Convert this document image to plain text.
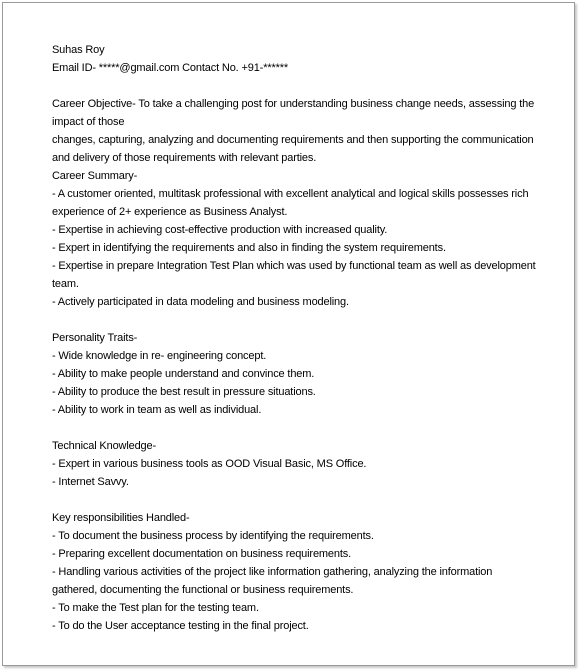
Suhas Roy
Email ID- *****@gmail.com Contact No. +91-******
Career Objective- To take a challenging post for understanding business change needs, assessing the
impact of those
changes, capturing, analyzing and documenting requirements and then supporting the communication
and delivery of those requirements with relevant parties.
Career Summary-
- A customer oriented, multitask professional with excellent analytical and logical skills possesses rich
experience of 2+ experience as Business Analyst.
- Expertise in achieving cost-effective production with increased quality.
- Expert in identifying the requirements and also in finding the system requirements.
- Expertise in prepare Integration Test Plan which was used by functional team as well as development
team.
- Actively participated in data modeling and business modeling.
Personality Traits-
- Wide knowledge in re- engineering concept.
- Ability to make people understand and convince them.
- Ability to produce the best result in pressure situations.
- Ability to work in team as well as individual.
Technical Knowledge-
- Expert in various business tools as OOD Visual Basic, MS Office.
- Internet Savvy.
Key responsibilities Handled-
- To document the business process by identifying the requirements.
- Preparing excellent documentation on business requirements.
- Handling various activities of the project like information gathering, analyzing the information
gathered, documenting the functional or business requirements.
- To make the Test plan for the testing team.
- To do the User acceptance testing in the final project.
